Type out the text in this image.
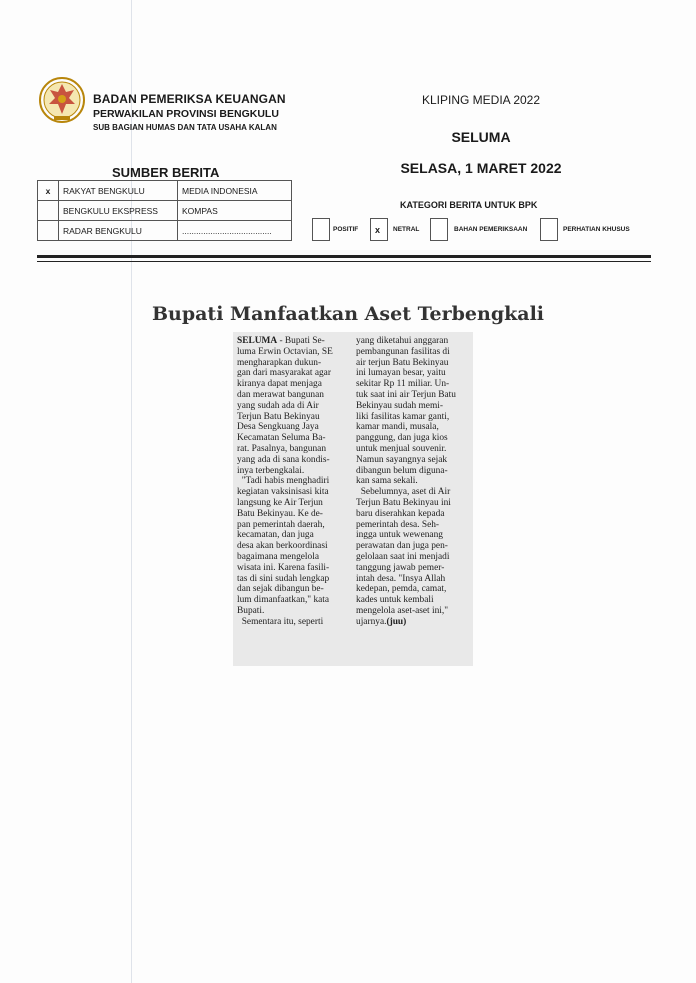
BADAN PEMERIKSA KEUANGAN
PERWAKILAN PROVINSI BENGKULU
SUB BAGIAN HUMAS DAN TATA USAHA KALAN
KLIPING MEDIA 2022
SELUMA
SELASA, 1 MARET 2022
SUMBER BERITA
x	RAKYAT BENGKULU	MEDIA INDONESIA
	BENGKULU EKSPRESS	KOMPAS
	RADAR BENGKULU	......................................
KATEGORI BERITA UNTUK BPK
POSITIF x NETRAL	BAHAN PEMERIKSAAN	PERHATIAN KHUSUS
Bupati Manfaatkan Aset Terbengkali

SELUMA - Bupati Se-

luma Erwin Octavian, SE

mengharapkan dukun-

gan dari masyarakat agar

kiranya dapat menjaga

dan merawat bangunan

yang sudah ada di Air

Terjun Batu Bekinyau

Desa Sengkuang Jaya

Kecamatan Seluma Ba-

rat. Pasalnya, bangunan

yang ada di sana kondis-

inya terbengkalai.

"Tadi habis menghadiri

kegiatan vaksinisasi kita

langsung ke Air Terjun

Batu Bekinyau. Ke de-

pan pemerintah daerah,

kecamatan, dan juga

desa akan berkoordinasi

bagaimana mengelola

wisata ini. Karena fasili-

tas di sini sudah lengkap

dan sejak dibangun be-

lum dimanfaatkan," kata

Bupati.

Sementara itu, seperti

yang diketahui anggaran

pembangunan fasilitas di

air terjun Batu Bekinyau

ini lumayan besar, yaitu

sekitar Rp 11 miliar. Un-

tuk saat ini air Terjun Batu

Bekinyau sudah memi-

liki fasilitas kamar ganti,

kamar mandi, musala,

panggung, dan juga kios

untuk menjual souvenir.

Namun sayangnya sejak

dibangun belum diguna-

kan sama sekali.

Sebelumnya, aset di Air

Terjun Batu Bekinyau ini

baru diserahkan kepada

pemerintah desa. Seh-

ingga untuk wewenang

perawatan dan juga pen-

gelolaan saat ini menjadi

tanggung jawab pemer-

intah desa. "Insya Allah

kedepan, pemda, camat,

kades untuk kembali

mengelola aset-aset ini,"

ujarnya.(juu)
